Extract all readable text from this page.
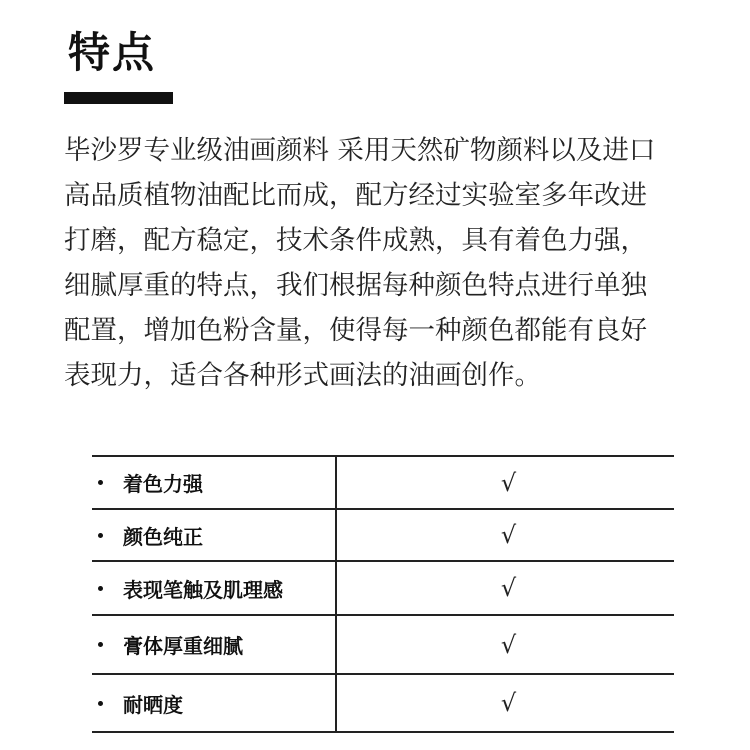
特点
毕沙罗专业级油画颜料 采用天然矿物颜料以及进口
高品质植物油配比而成，配方经过实验室多年改进
打磨，配方稳定，技术条件成熟，具有着色力强，
细腻厚重的特点，我们根据每种颜色特点进行单独
配置，增加色粉含量，使得每一种颜色都能有良好
表现力，适合各种形式画法的油画创作。
着色力强	√

颜色纯正	√

表现笔触及肌理感	√

膏体厚重细腻	√

耐晒度	√
